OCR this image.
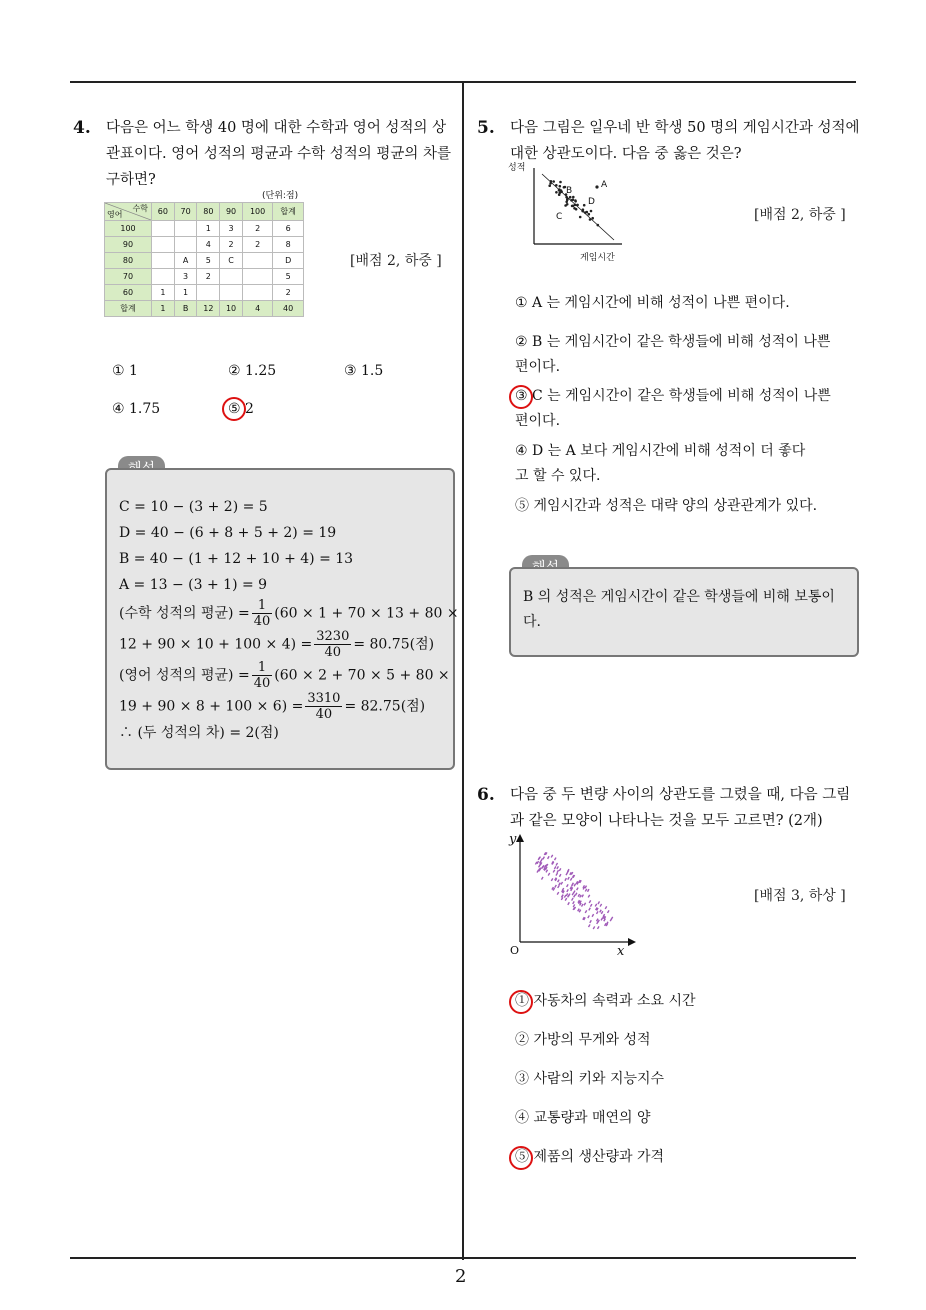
2
4. 다음은 어느 학생 40 명에 대한 수학과 영어 성적의 상관표이다. 영어 성적의 평균과 수학 성적의 평균의 차를 구하면?
(단위:점)
수학
영어	60	70	80	90	100	합계
100			1	3	2	6
90			4	2	2	8
80		A	5	C		D
70		3	2			5
60	1	1				2
합계	1	B	12	10	4	40
[배점 2, 하중 ]
① 1	② 1.25	③ 1.5
④ 1.75	⑤ 2
C = 10 − (3 + 2) = 5
D = 40 − (6 + 8 + 5 + 2) = 19
B = 40 − (1 + 12 + 10 + 4) = 13
A = 13 − (3 + 1) = 9
(수학 성적의 평균) = $\frac{1}{40} (60 \times 1 + 70 \times 13 + 80$ ×
$12 + 90 \times 10 + 100 \times 4) = \frac{3230}{40} = 80.75$(점)
(영어 성적의 평균) = $\frac{1}{40} (60 \times 2 + 70 \times 5 + 80$ ×
$19 + 90 \times 8 + 100 \times 6) = \frac{3310}{40} = 82.75$(점)
∴ (두 성적의 차) = 2(점)
5. 다음 그림은 일우네 반 학생 50 명의 게임시간과 성적에 대한 상관도이다. 다음 중 옳은 것은?
성적
게임시간
A
B
C
D
[배점 2, 하중 ]
① A 는 게임시간에 비해 성적이 나쁜 편이다.
② B 는 게임시간이 같은 학생들에 비해 성적이 나쁜 편이다.
③ C 는 게임시간이 같은 학생들에 비해 성적이 나쁜 편이다.
④ D 는 A 보다 게임시간에 비해 성적이 더 좋다고 할 수 있다.
⑤ 게임시간과 성적은 대략 양의 상관관계가 있다.
B 의 성적은 게임시간이 같은 학생들에 비해 보통이다.
6. 다음 중 두 변량 사이의 상관도를 그렸을 때, 다음 그림과 같은 모양이 나타나는 것을 모두 고르면? (2개)
y
x
O
[배점 3, 하상 ]
① 자동차의 속력과 소요 시간
② 가방의 무게와 성적
③ 사람의 키와 지능지수
④ 교통량과 매연의 양
⑤ 제품의 생산량과 가격
